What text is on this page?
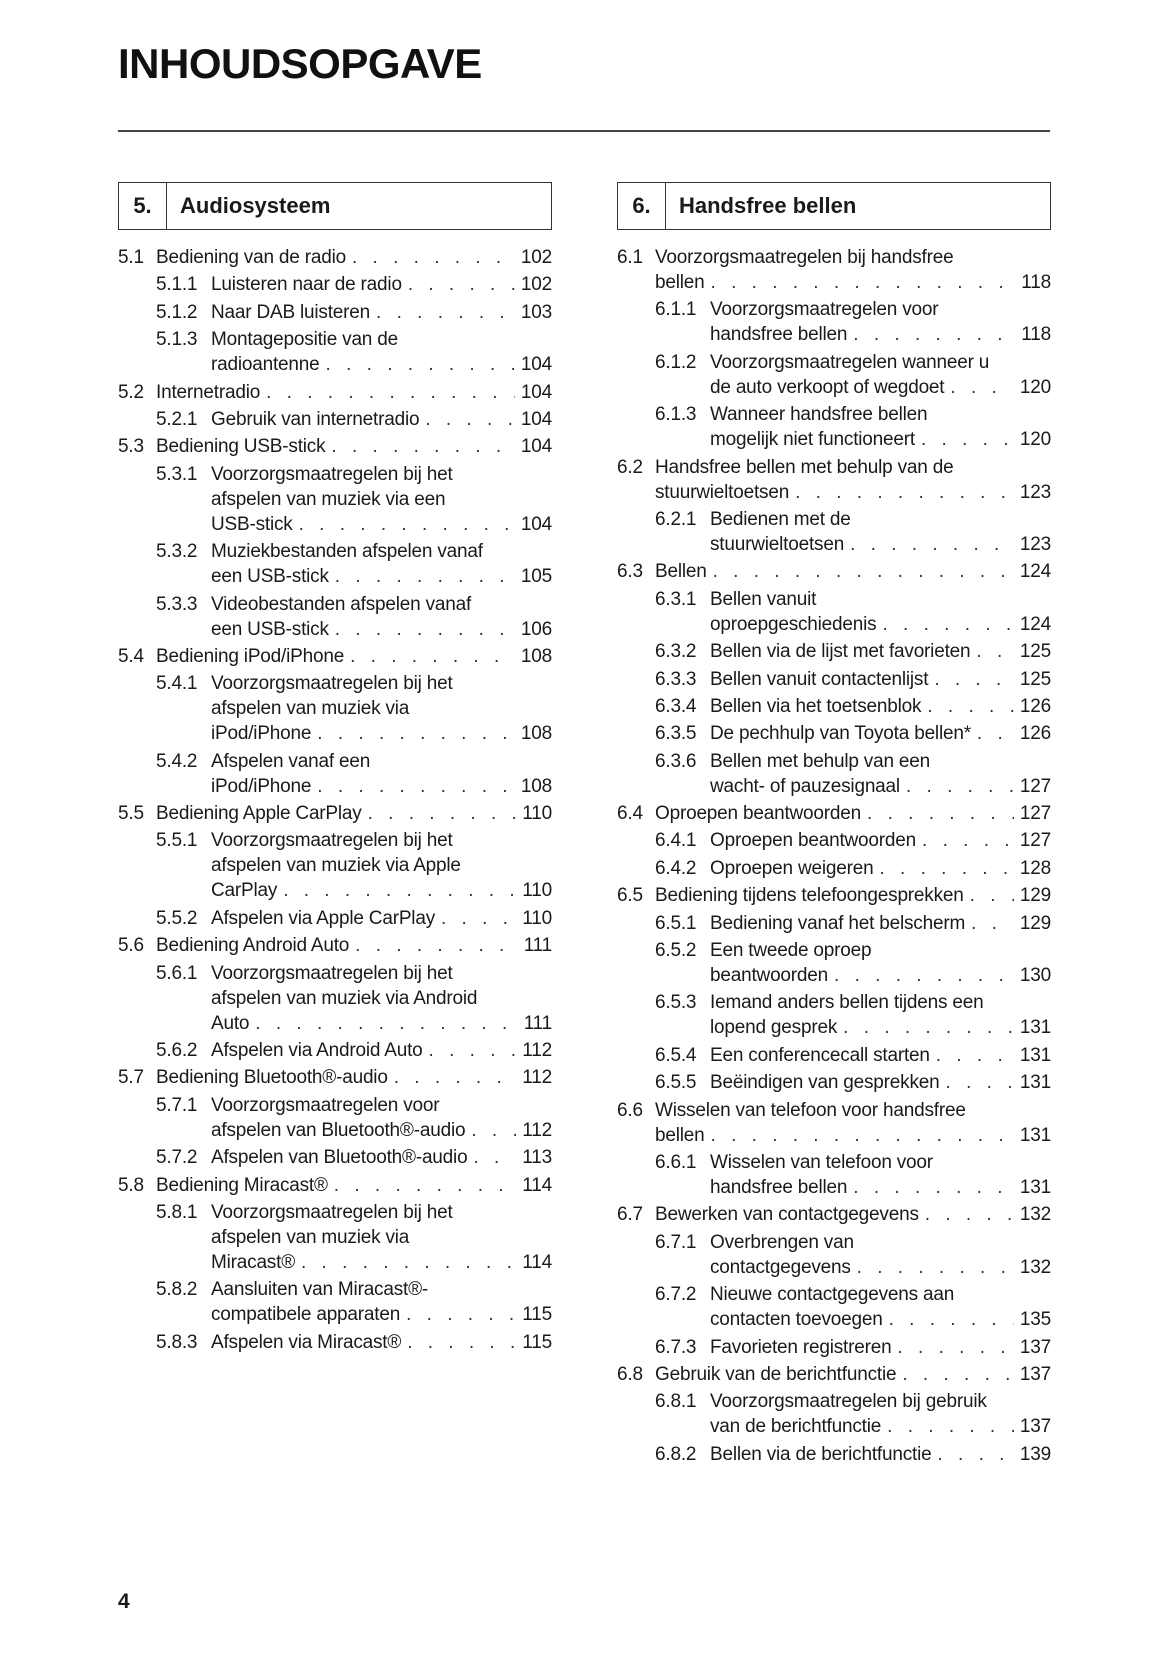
INHOUDSOPGAVE
5.	Audiosysteem
5.1 Bediening van de radio . . .	102
5.1.1 Luisteren naar de radio . . .	102
5.1.2 Naar DAB luisteren . . .	103
5.1.3 Montagepositie van de
radioantenne . . .	104
5.2 Internetradio . . .	104
5.2.1 Gebruik van internetradio . . .	104
5.3 Bediening USB-stick . . .	104
5.3.1 Voorzorgsmaatregelen bij het
afspelen van muziek via een
USB-stick . . .	104
5.3.2 Muziekbestanden afspelen vanaf
een USB-stick . . .	105
5.3.3 Videobestanden afspelen vanaf
een USB-stick . . .	106
5.4 Bediening iPod/iPhone . . .	108
5.4.1 Voorzorgsmaatregelen bij het
afspelen van muziek via
iPod/iPhone . . .	108
5.4.2 Afspelen vanaf een
iPod/iPhone . . .	108
5.5 Bediening Apple CarPlay . . .	110
5.5.1 Voorzorgsmaatregelen bij het
afspelen van muziek via Apple
CarPlay . . .	110
5.5.2 Afspelen via Apple CarPlay . . .	110
5.6 Bediening Android Auto . . .	111
5.6.1 Voorzorgsmaatregelen bij het
afspelen van muziek via Android
Auto . . .	111
5.6.2 Afspelen via Android Auto . . .	112
5.7 Bediening Bluetooth®-audio . . .	112
5.7.1 Voorzorgsmaatregelen voor
afspelen van Bluetooth®-audio . . .	112
5.7.2 Afspelen van Bluetooth®-audio . . .	113
5.8 Bediening Miracast® . . .	114
5.8.1 Voorzorgsmaatregelen bij het
afspelen van muziek via
Miracast® . . .	114
5.8.2 Aansluiten van Miracast®-
compatibele apparaten . . .	115
5.8.3 Afspelen via Miracast® . . .	115
6.	Handsfree bellen
6.1 Voorzorgsmaatregelen bij handsfree
bellen . . .	118
6.1.1 Voorzorgsmaatregelen voor
handsfree bellen . . .	118
6.1.2 Voorzorgsmaatregelen wanneer u
de auto verkoopt of wegdoet . . .	120
6.1.3 Wanneer handsfree bellen
mogelijk niet functioneert . . .	120
6.2 Handsfree bellen met behulp van de
stuurwieltoetsen . . .	123
6.2.1 Bedienen met de
stuurwieltoetsen . . .	123
6.3 Bellen . . .	124
6.3.1 Bellen vanuit
oproepgeschiedenis . . .	124
6.3.2 Bellen via de lijst met favorieten . . .	125
6.3.3 Bellen vanuit contactenlijst . . .	125
6.3.4 Bellen via het toetsenblok . . .	126
6.3.5 De pechhulp van Toyota bellen* . . .	126
6.3.6 Bellen met behulp van een
wacht- of pauzesignaal . . .	127
6.4 Oproepen beantwoorden . . .	127
6.4.1 Oproepen beantwoorden . . .	127
6.4.2 Oproepen weigeren . . .	128
6.5 Bediening tijdens telefoongesprekken . . .	129
6.5.1 Bediening vanaf het belscherm . . .	129
6.5.2 Een tweede oproep
beantwoorden . . .	130
6.5.3 Iemand anders bellen tijdens een
lopend gesprek . . .	131
6.5.4 Een conferencecall starten . . .	131
6.5.5 Beëindigen van gesprekken . . .	131
6.6 Wisselen van telefoon voor handsfree
bellen . . .	131
6.6.1 Wisselen van telefoon voor
handsfree bellen . . .	131
6.7 Bewerken van contactgegevens . . .	132
6.7.1 Overbrengen van
contactgegevens . . .	132
6.7.2 Nieuwe contactgegevens aan
contacten toevoegen . . .	135
6.7.3 Favorieten registreren . . .	137
6.8 Gebruik van de berichtfunctie . . .	137
6.8.1 Voorzorgsmaatregelen bij gebruik
van de berichtfunctie . . .	137
6.8.2 Bellen via de berichtfunctie . . .	139
4
